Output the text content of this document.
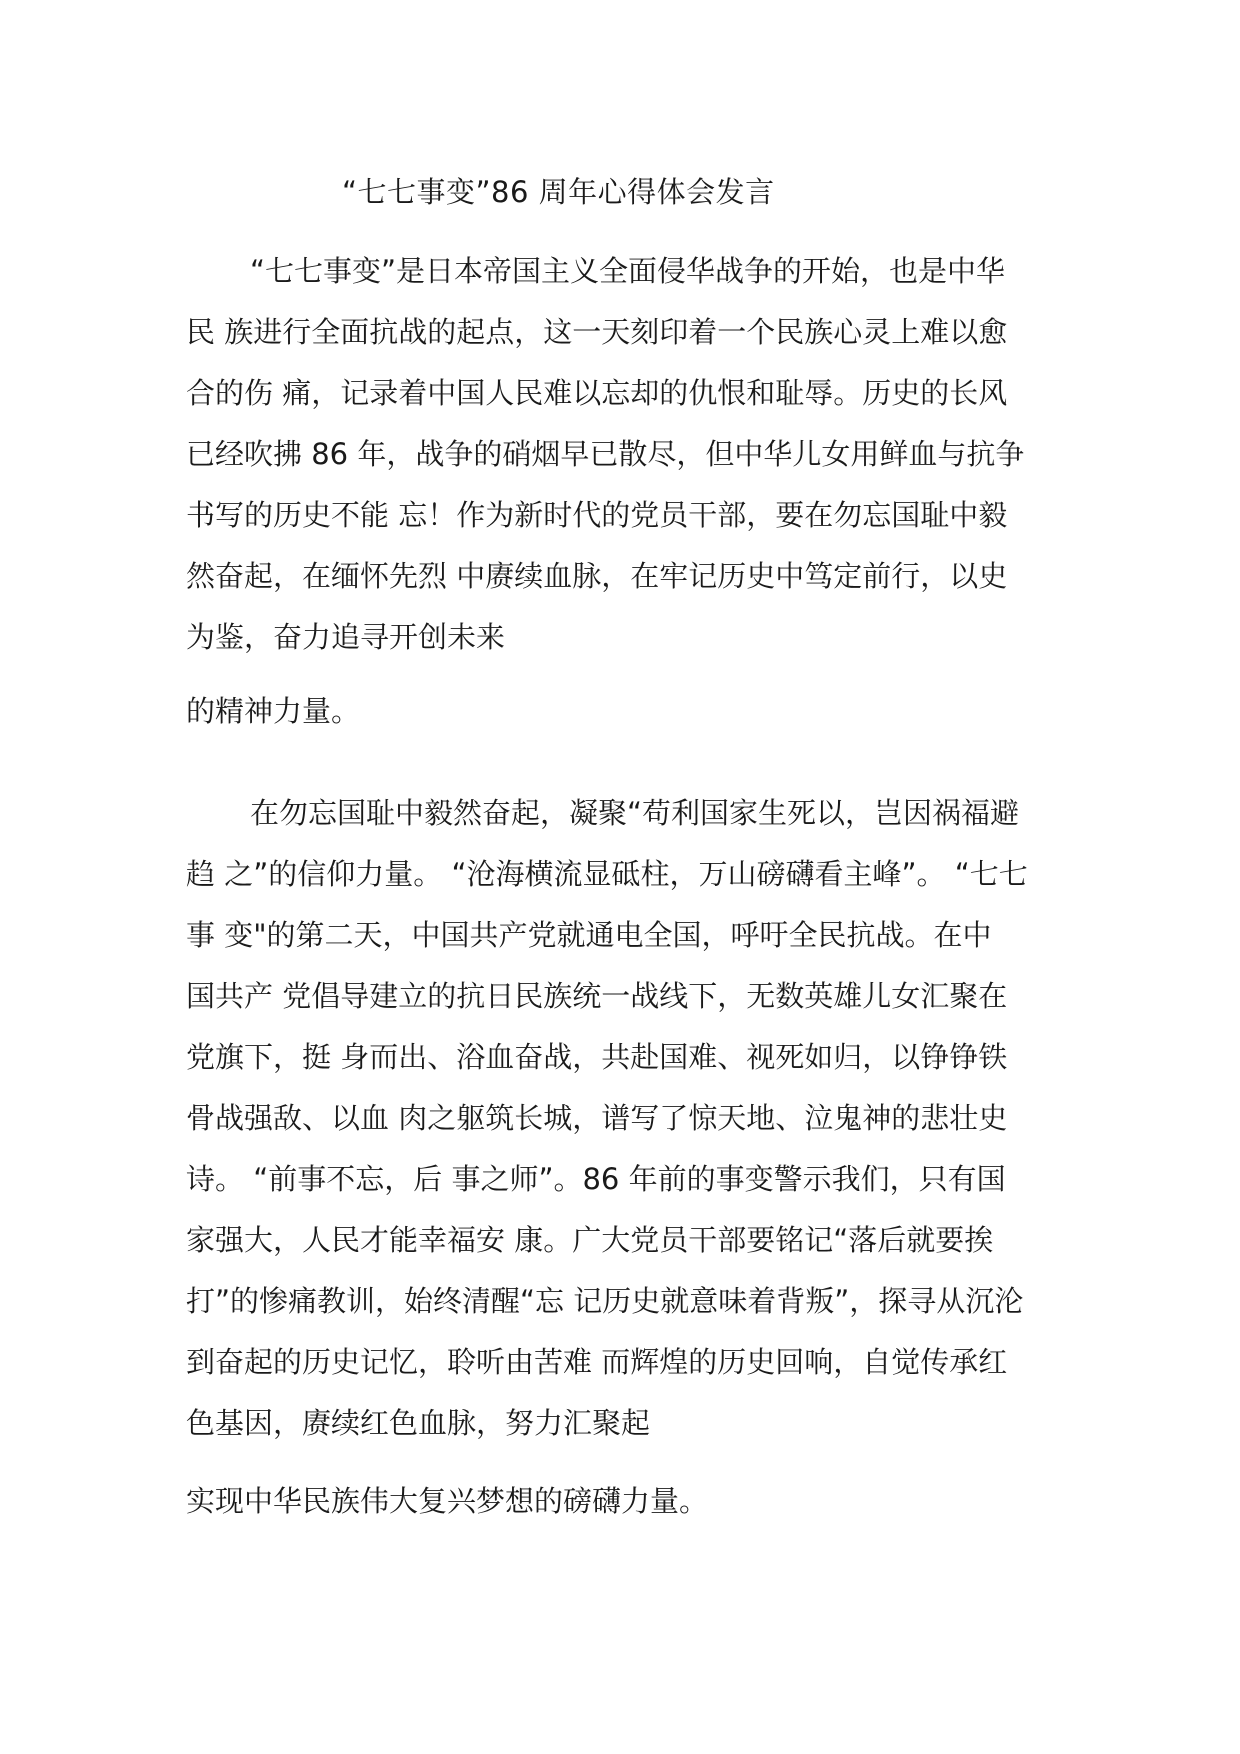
“七七事变”86 周年心得体会发言
“七七事变”是日本帝国主义全面侵华战争的开始，也是中华
民 族进行全面抗战的起点，这一天刻印着一个民族心灵上难以愈
合的伤 痛，记录着中国人民难以忘却的仇恨和耻辱。历史的长风
已经吹拂 86 年，战争的硝烟早已散尽，但中华儿女用鲜血与抗争
书写的历史不能 忘！作为新时代的党员干部，要在勿忘国耻中毅
然奋起，在缅怀先烈 中赓续血脉，在牢记历史中笃定前行，以史
为鉴，奋力追寻开创未来
的精神力量。
在勿忘国耻中毅然奋起，凝聚“苟利国家生死以，岂因祸福避
趋 之”的信仰力量。 “沧海横流显砥柱，万山磅礴看主峰”。 “七七
事 变"的第二天，中国共产党就通电全国，呼吁全民抗战。在中
国共产 党倡导建立的抗日民族统一战线下，无数英雄儿女汇聚在
党旗下，挺 身而出、浴血奋战，共赴国难、视死如归，以铮铮铁
骨战强敌、以血 肉之躯筑长城，谱写了惊天地、泣鬼神的悲壮史
诗。 “前事不忘，后 事之师”。86 年前的事变警示我们，只有国
家强大，人民才能幸福安 康。广大党员干部要铭记“落后就要挨
打”的惨痛教训，始终清醒“忘 记历史就意味着背叛”，探寻从沉沦
到奋起的历史记忆，聆听由苦难 而辉煌的历史回响，自觉传承红
色基因，赓续红色血脉，努力汇聚起
实现中华民族伟大复兴梦想的磅礴力量。
